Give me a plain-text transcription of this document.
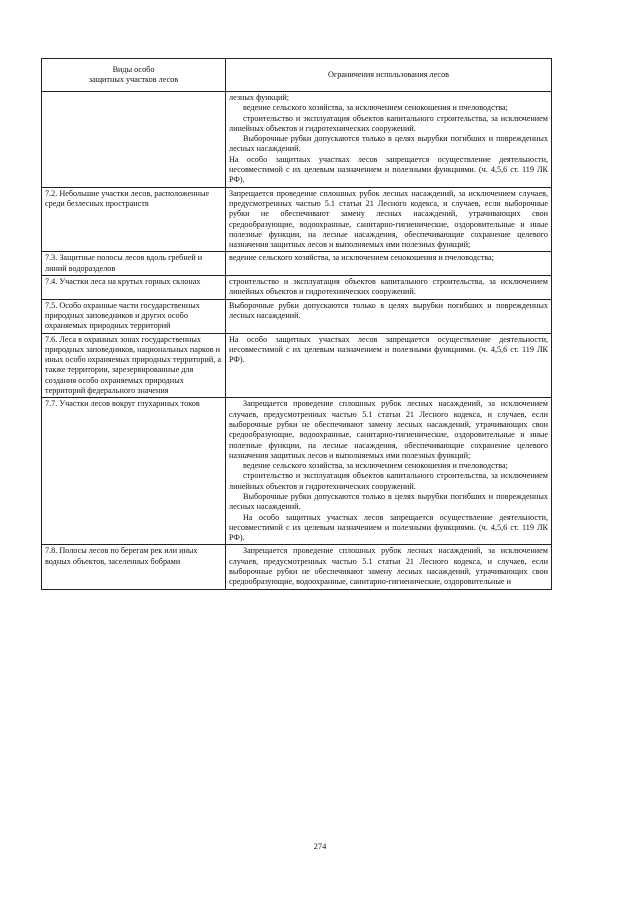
Виды особо
защитных участков лесов	Ограничения использования лесов

	лезных функций;
ведение сельского хозяйства, за исключением сенокошения и пчеловодства;
строительство и эксплуатация объектов капитального строительства, за исключением линейных объектов и гидротехнических сооружений.
Выборочные рубки допускаются только в целях вырубки погибших и поврежденных лесных насаждений.
На особо защитных участках лесов запрещается осуществление деятельности, несовместимой с их целевым назначением и полезными функциями. (ч. 4,5,6 ст. 119 ЛК РФ).

7.2. Небольшие участки лесов, расположенные среди безлесных пространств	Запрещается проведение сплошных рубок лесных насаждений, за исключением случаев, предусмотренных частью 5.1 статьи 21 Лесного кодекса, и случаев, если выборочные рубки не обеспечивают замену лесных насаждений, утрачивающих свои средообразующие, водоохранные, санитарно-гигиенические, оздоровительные и иные полезные функции, на лесные насаждения, обеспечивающие сохранение целевого назначения защитных лесов и выполняемых ими полезных функций;

7.3. Защитные полосы лесов вдоль гребней и линий водоразделов	ведение сельского хозяйства, за исключением сенокошения и пчеловодства;

7.4. Участки леса на крутых горных склонах	строительство и эксплуатация объектов капитального строительства, за исключением линейных объектов и гидротехнических сооружений.

7.5. Особо охранные части государственных природных заповедников и других особо охраняемых природных территорий	Выборочные рубки допускаются только в целях вырубки погибших и поврежденных лесных насаждений.

7.6. Леса в охранных зонах государственных природных заповедников, национальных парков и иных особо охраняемых природных территорий, а также территории, зарезервированные для создания особо охраняемых природных территорий федерального значения	На особо защитных участках лесов запрещается осуществление деятельности, несовместимой с их целевым назначением и полезными функциями. (ч. 4,5,6 ст. 119 ЛК РФ).

7.7. Участки лесов вокруг глухариных токов	Запрещается проведение сплошных рубок лесных насаждений, за исключением случаев, предусмотренных частью 5.1 статьи 21 Лесного кодекса, и случаев, если выборочные рубки не обеспечивают замену лесных насаждений, утрачивающих свои средообразующие, водоохранные, санитарно-гигиенические, оздоровительные и иные полезные функции, на лесные насаждения, обеспечивающие сохранение целевого назначения защитных лесов и выполняемых ими полезных функций;
ведение сельского хозяйства, за исключением сенокошения и пчеловодства;
строительство и эксплуатация объектов капитального строительства, за исключением линейных объектов и гидротехнических сооружений.
Выборочные рубки допускаются только в целях вырубки погибших и поврежденных лесных насаждений.
На особо защитных участках лесов запрещается осуществление деятельности, несовместимой с их целевым назначением и полезными функциями. (ч. 4,5,6 ст. 119 ЛК РФ).

7.8. Полосы лесов по берегам рек или иных водных объектов, заселенных бобрами	Запрещается проведение сплошных рубок лесных насаждений, за исключением случаев, предусмотренных частью 5.1 статьи 21 Лесного кодекса, и случаев, если выборочные рубки не обеспечивают замену лесных насаждений, утрачивающих свои средообразующие, водоохранные, санитарно-гигиенические, оздоровительные и
274
